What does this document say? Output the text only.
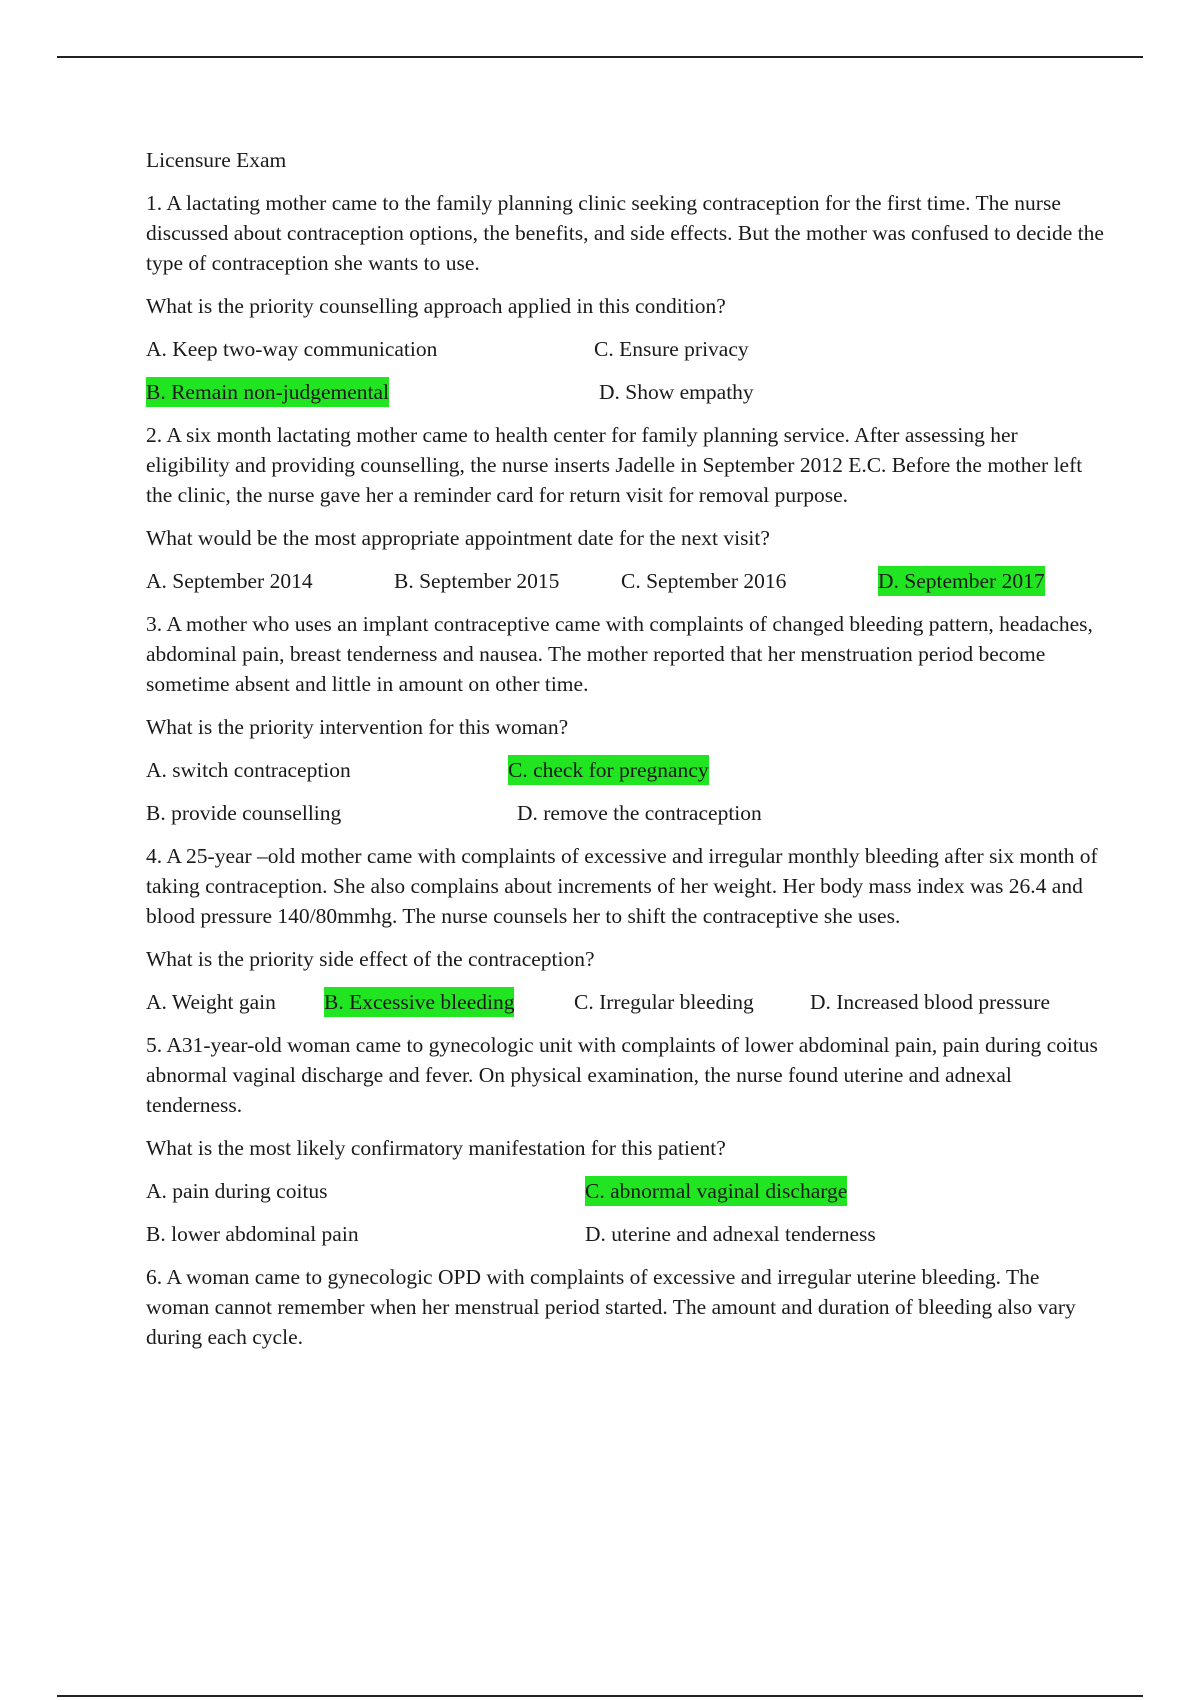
Licensure Exam

1. A lactating mother came to the family planning clinic seeking contraception for the first time. The nurse discussed about contraception options, the benefits, and side effects. But the mother was confused to decide the type of contraception she wants to use.

What is the priority counselling approach applied in this condition?

A. Keep two-way communication	C. Ensure privacy
B. Remain non-judgemental	D. Show empathy

2. A six month lactating mother came to health center for family planning service. After assessing her eligibility and providing counselling, the nurse inserts Jadelle in September 2012 E.C. Before the mother left the clinic, the nurse gave her a reminder card for return visit for removal purpose.

What would be the most appropriate appointment date for the next visit?

A. September 2014	B. September 2015	C. September 2016	D. September 2017

3. A mother who uses an implant contraceptive came with complaints of changed bleeding pattern, headaches, abdominal pain, breast tenderness and nausea. The mother reported that her menstruation period become sometime absent and little in amount on other time.

What is the priority intervention for this woman?

A. switch contraception	C. check for pregnancy
B. provide counselling	D. remove the contraception

4. A 25-year –old mother came with complaints of excessive and irregular monthly bleeding after six month of taking contraception. She also complains about increments of her weight. Her body mass index was 26.4 and blood pressure 140/80mmhg. The nurse counsels her to shift the contraceptive she uses.

What is the priority side effect of the contraception?

A. Weight gain B. Excessive bleeding	C. Irregular bleeding	D. Increased blood pressure

5. A31-year-old woman came to gynecologic unit with complaints of lower abdominal pain, pain during coitus abnormal vaginal discharge and fever. On physical examination, the nurse found uterine and adnexal tenderness.

What is the most likely confirmatory manifestation for this patient?

A. pain during coitus	C. abnormal vaginal discharge
B. lower abdominal pain	D. uterine and adnexal tenderness

6. A woman came to gynecologic OPD with complaints of excessive and irregular uterine bleeding. The woman cannot remember when her menstrual period started. The amount and duration of bleeding also vary during each cycle.
